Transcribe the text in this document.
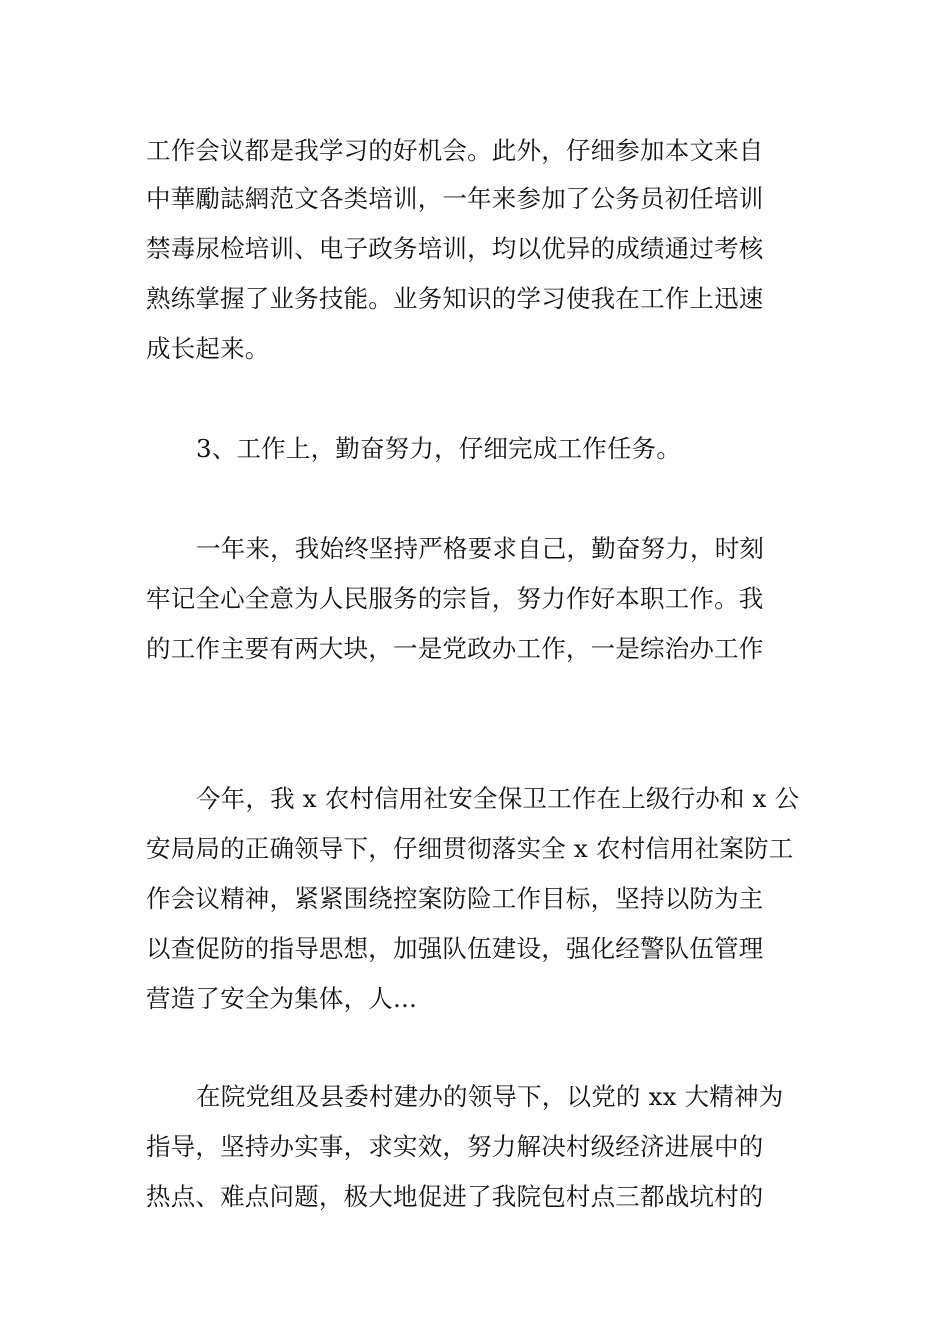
工作会议都是我学习的好机会。此外，仔细参加本文来自
中華勵誌網范文各类培训，一年来参加了公务员初任培训
禁毒尿检培训、电子政务培训，均以优异的成绩通过考核
熟练掌握了业务技能。业务知识的学习使我在工作上迅速
成长起来。
3、工作上，勤奋努力，仔细完成工作任务。
一年来，我始终坚持严格要求自己，勤奋努力，时刻
牢记全心全意为人民服务的宗旨，努力作好本职工作。我
的工作主要有两大块，一是党政办工作，一是综治办工作
今年，我 x 农村信用社安全保卫工作在上级行办和 x 公
安局局的正确领导下，仔细贯彻落实全 x 农村信用社案防工
作会议精神，紧紧围绕控案防险工作目标，坚持以防为主
以查促防的指导思想，加强队伍建设，强化经警队伍管理
营造了安全为集体，人...
在院党组及县委村建办的领导下，以党的 xx 大精神为
指导，坚持办实事，求实效，努力解决村级经济进展中的
热点、难点问题，极大地促进了我院包村点三都战坑村的
